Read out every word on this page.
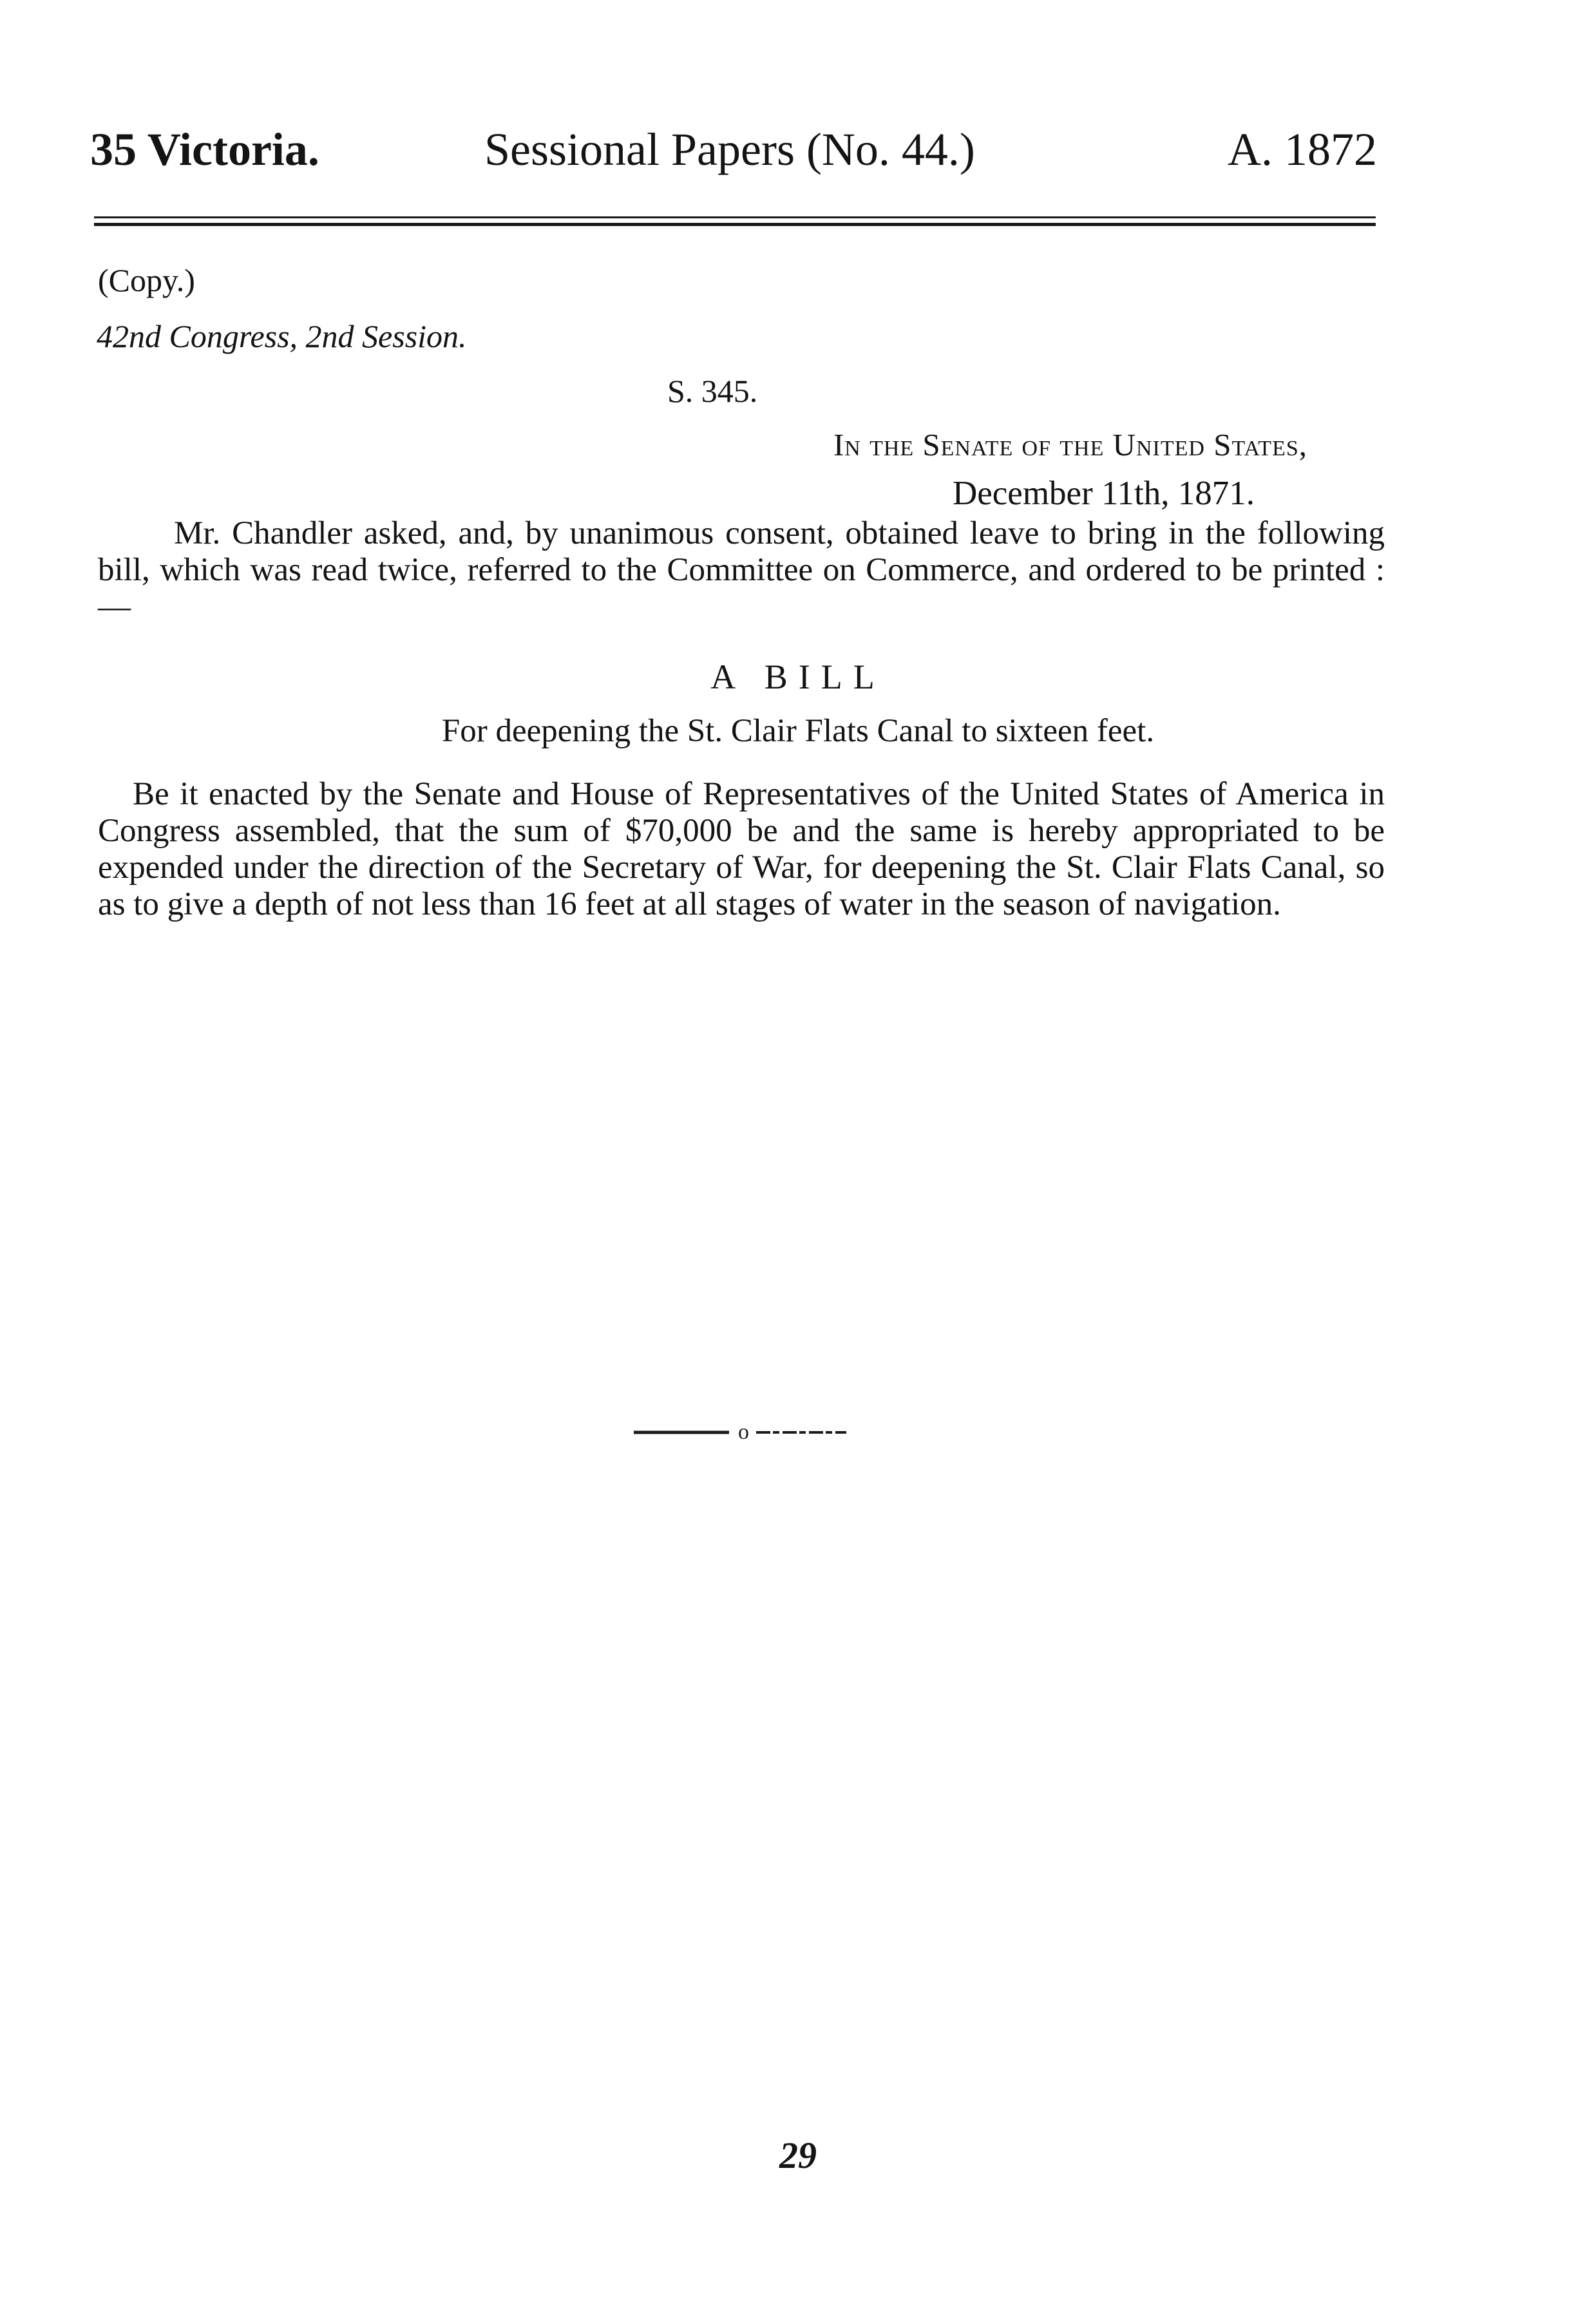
35 Victoria.	Sessional Papers (No. 44.)	A. 1872
(Copy.)
42nd Congress, 2nd Session.
S. 345.
In the Senate of the United States,
December 11th, 1871.

Mr. Chandler asked, and, by unanimous consent, obtained leave to bring in the following bill, which was read twice, referred to the Committee on Commerce, and ordered to be printed :—

A BILL
For deepening the St. Clair Flats Canal to sixteen feet.

Be it enacted by the Senate and House of Representatives of the United States of America in Congress assembled, that the sum of $70,000 be and the same is hereby appropriated to be expended under the direction of the Secretary of War, for deepening the St. Clair Flats Canal, so as to give a depth of not less than 16 feet at all stages of water in the season of navigation.

o
29
